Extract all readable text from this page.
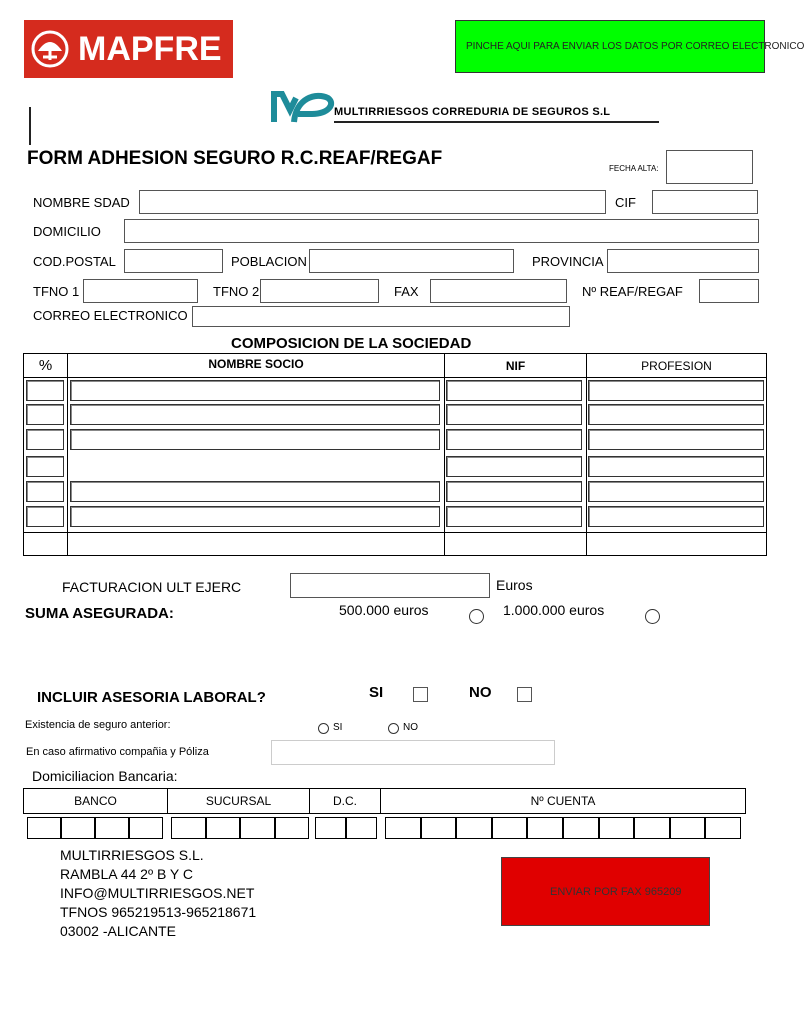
MAPFRE	PINCHE AQUI PARA ENVIAR LOS DATOS POR CORREO ELECTRONICO
MULTIRRIESGOS CORREDURIA DE SEGUROS S.L
FORM ADHESION SEGURO R.C.REAF/REGAF	FECHA ALTA:
NOMBRE SDAD	CIF
DOMICILIO
COD.POSTAL	POBLACION	PROVINCIA
TFNO 1	TFNO 2	FAX	Nº REAF/REGAF
CORREO ELECTRONICO
COMPOSICION DE LA SOCIEDAD
%	NOMBRE SOCIO	NIF	PROFESION
FACTURACION ULT EJERC	Euros
SUMA ASEGURADA:	500.000 euros	1.000.000 euros
INCLUIR ASESORIA LABORAL?	SI	NO
Existencia de seguro anterior:	SI	NO
En caso afirmativo compañia y Póliza
Domiciliacion Bancaria:
BANCO	SUCURSAL	D.C.	Nº CUENTA
MULTIRRIESGOS S.L.
RAMBLA 44 2º B Y C
INFO@MULTIRRIESGOS.NET
TFNOS 965219513-965218671
03002 -ALICANTE
ENVIAR POR FAX 965209
